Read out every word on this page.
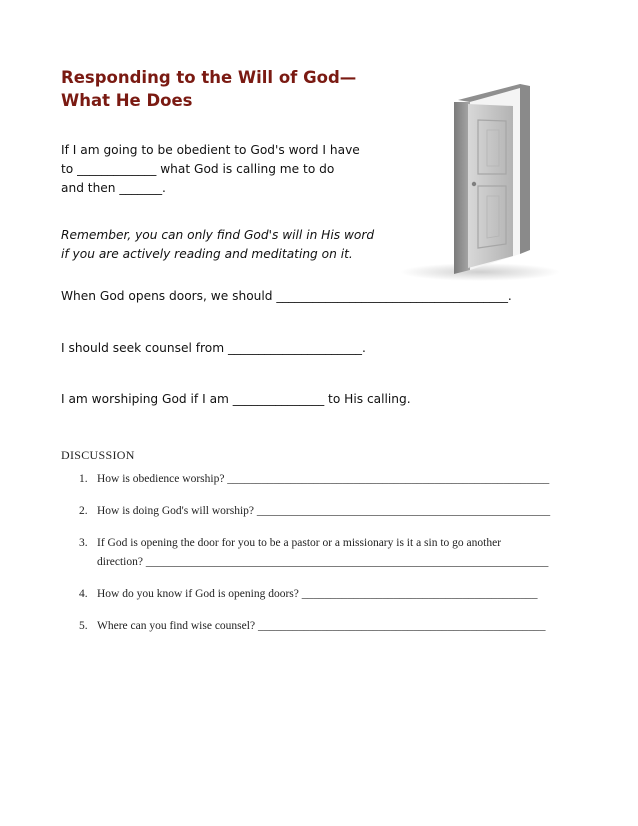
Responding to the Will of God—
What He Does

If I am going to be obedient to God's word I have
to _____________ what God is calling me to do
and then _______.

Remember, you can only find God's will in His word
if you are actively reading and meditating on it.

When God opens doors, we should ______________________________________.

I should seek counsel from ______________________.

I am worshiping God if I am _______________ to His calling.

DISCUSSION
1. How is obedience worship? ________________________________________________________
2. How is doing God's will worship? ___________________________________________________
3. If God is opening the door for you to be a pastor or a missionary is it a sin to go another
direction? ______________________________________________________________________
4. How do you know if God is opening doors? _________________________________________
5. Where can you find wise counsel? __________________________________________________
